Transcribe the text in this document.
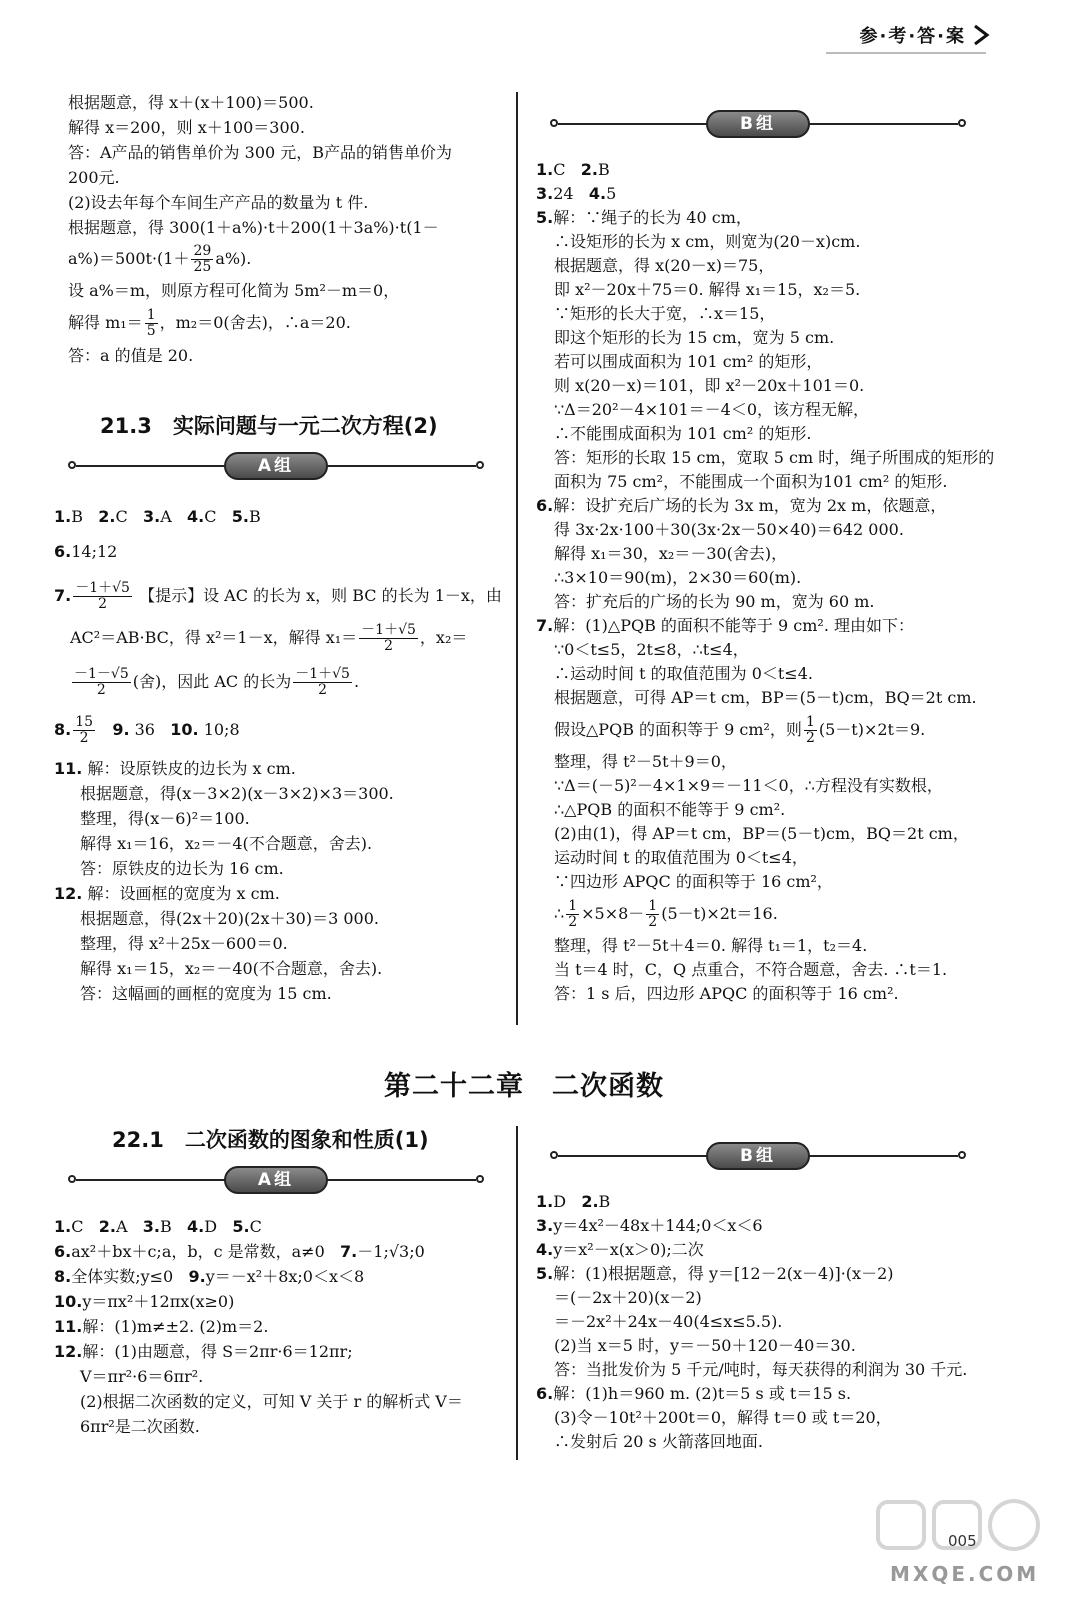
参·考·答·案
根据题意，得 x＋(x＋100)＝500.
解得 x＝200，则 x＋100＝300.
答：A产品的销售单价为 300 元，B产品的销售单价为
200元.
(2)设去年每个车间生产产品的数量为 t 件.
根据题意，得 300(1＋a%)·t＋200(1＋3a%)·t(1－
$a\%)=500t\cdot(1+ \frac{29}{25} a\%)$.
设 a%＝m，则原方程可化简为 5m²－m＝0，
解得 $m_1= \frac{1}{5}$ ，m₂＝0(舍去)，∴a＝20.
答：a 的值是 20.
21.3　实际问题与一元二次方程(2)
A组
1.B 2.C 3.A 4.C 5.B
6.14;12
7. $\frac{-1+√5}{2}$ 【提示】设 AC 的长为 x，则 BC 的长为 1－x，由
AC²＝AB·BC，得 x²＝1－x，解得 $x_1= \frac{-1+√5}{2}$ ，x₂＝
$\frac{-1-√5}{2}$ (舍)，因此 AC 的长为 $\frac{-1+√5}{2}$ .
8. $\frac{15}{2} 9$. 36 10. 10;8
11. 解：设原铁皮的边长为 x cm.
根据题意，得(x－3×2)(x－3×2)×3＝300.
整理，得(x－6)²＝100.
解得 x₁＝16，x₂＝－4(不合题意，舍去).
答：原铁皮的边长为 16 cm.
12. 解：设画框的宽度为 x cm.
根据题意，得(2x＋20)(2x＋30)＝3 000.
整理，得 x²＋25x－600＝0.
解得 x₁＝15，x₂＝－40(不合题意，舍去).
答：这幅画的画框的宽度为 15 cm.
B组
1.C 2.B
3.24 4.5
5.解：∵绳子的长为 40 cm，
∴设矩形的长为 x cm，则宽为(20－x)cm.
根据题意，得 x(20－x)＝75，
即 x²－20x＋75＝0. 解得 x₁＝15，x₂＝5.
∵矩形的长大于宽，∴x＝15，
即这个矩形的长为 15 cm，宽为 5 cm.
若可以围成面积为 101 cm² 的矩形，
则 x(20－x)＝101，即 x²－20x＋101＝0.
∵Δ＝20²－4×101＝－4＜0，该方程无解，
∴不能围成面积为 101 cm² 的矩形.
答：矩形的长取 15 cm，宽取 5 cm 时，绳子所围成的矩形的
面积为 75 cm²，不能围成一个面积为101 cm² 的矩形.
6.解：设扩充后广场的长为 3x m，宽为 2x m，依题意，
得 3x·2x·100＋30(3x·2x－50×40)＝642 000.
解得 x₁＝30，x₂＝－30(舍去)，
∴3×10＝90(m)，2×30＝60(m).
答：扩充后的广场的长为 90 m，宽为 60 m.
7.解：(1)△PQB 的面积不能等于 9 cm². 理由如下：
∵0＜t≤5，2t≤8，∴t≤4，
∴运动时间 t 的取值范围为 0＜t≤4.
根据题意，可得 AP＝t cm，BP＝(5－t)cm，BQ＝2t cm.
假设△PQB 的面积等于 9 cm²，则 $\frac{1}{2} (5-t)\times 2t=9$.
整理，得 t²－5t＋9＝0，
∵Δ＝(－5)²－4×1×9＝－11＜0，∴方程没有实数根，
∴△PQB 的面积不能等于 9 cm².
(2)由(1)，得 AP＝t cm，BP＝(5－t)cm，BQ＝2t cm，
运动时间 t 的取值范围为 0＜t≤4，
∵四边形 APQC 的面积等于 16 cm²，
∴ $\frac{1}{2} \times 5\times 8- \frac{1}{2} (5-t)\times 2t=16$.
整理，得 t²－5t＋4＝0. 解得 t₁＝1，t₂＝4.
当 t＝4 时，C，Q 点重合，不符合题意，舍去. ∴t＝1.
答：1 s 后，四边形 APQC 的面积等于 16 cm².
第二十二章　二次函数
22.1　二次函数的图象和性质(1)
A组
1.C 2.A 3.B 4.D 5.C
6.ax²＋bx＋c;a，b，c 是常数，a≠0 7.－1;√3;0
8.全体实数;y≤0 9.y＝－x²＋8x;0＜x＜8
10.y＝πx²＋12πx(x≥0)
11.解：(1)m≠±2. (2)m＝2.
12.解：(1)由题意，得 S＝2πr·6＝12πr;
V＝πr²·6＝6πr².
(2)根据二次函数的定义，可知 V 关于 r 的解析式 V＝
6πr²是二次函数.
B组
1.D 2.B
3.y＝4x²－48x＋144;0＜x＜6
4.y＝x²－x(x＞0);二次
5.解：(1)根据题意，得 y＝[12－2(x－4)]·(x－2)
＝(－2x＋20)(x－2)
＝－2x²＋24x－40(4≤x≤5.5).
(2)当 x＝5 时，y＝－50＋120－40＝30.
答：当批发价为 5 千元/吨时，每天获得的利润为 30 千元.
6.解：(1)h＝960 m. (2)t＝5 s 或 t＝15 s.
(3)令－10t²＋200t＝0，解得 t＝0 或 t＝20，
∴发射后 20 s 火箭落回地面.
MXQE.COM
005
